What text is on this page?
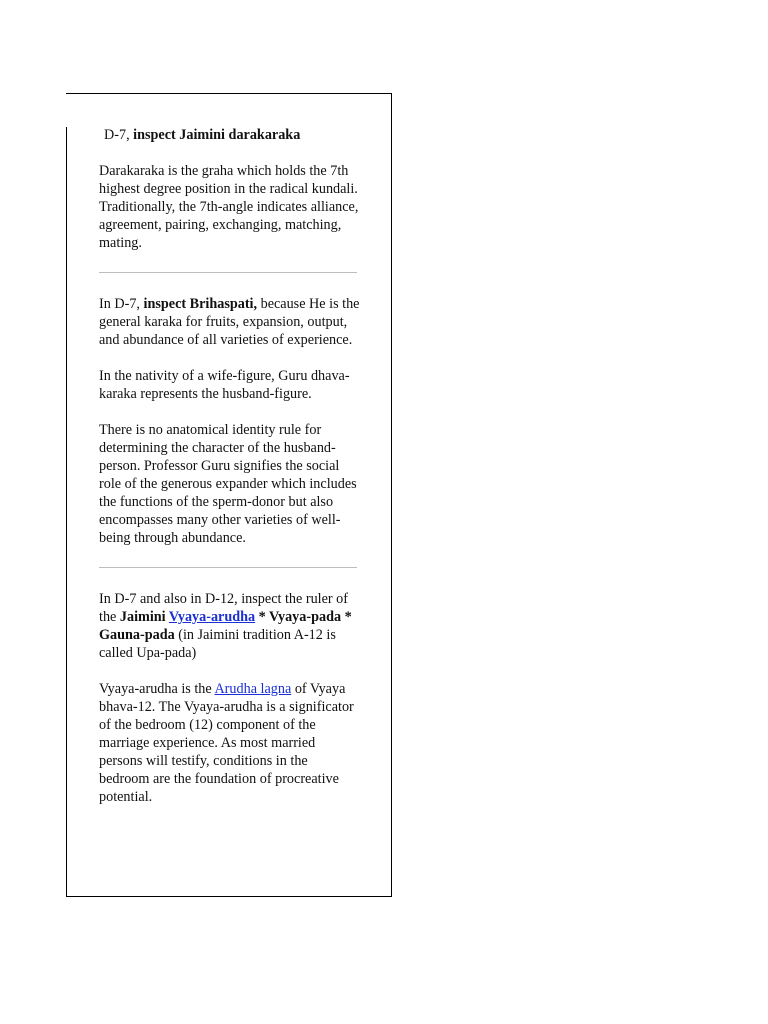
D-7, inspect Jaimini darakaraka

Darakaraka is the graha which holds the 7th highest degree position in the radical kundali. Traditionally, the 7th-angle indicates alliance, agreement, pairing, exchanging, matching, mating.

In D-7, inspect Brihaspati, because He is the general karaka for fruits, expansion, output, and abundance of all varieties of experience.

In the nativity of a wife-figure, Guru dhava-karaka represents the husband-figure.

There is no anatomical identity rule for determining the character of the husband-person. Professor Guru signifies the social role of the generous expander which includes the functions of the sperm-donor but also encompasses many other varieties of well-being through abundance.

In D-7 and also in D-12, inspect the ruler of the Jaimini Vyaya-arudha * Vyaya-pada * Gauna-pada (in Jaimini tradition A-12 is called Upa-pada)

Vyaya-arudha is the Arudha lagna of Vyaya bhava-12. The Vyaya-arudha is a significator of the bedroom (12) component of the marriage experience. As most married persons will testify, conditions in the bedroom are the foundation of procreative potential.
